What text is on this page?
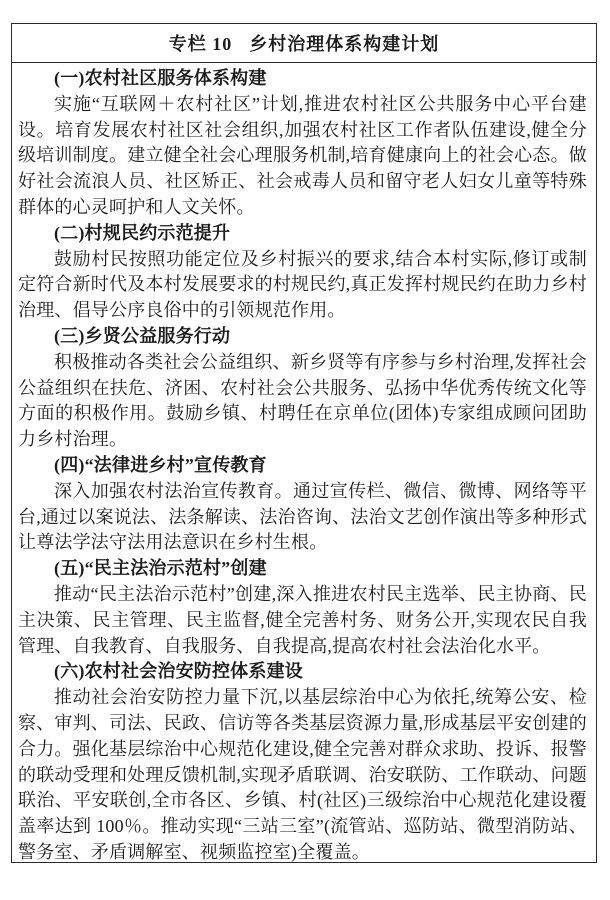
专栏 10 乡村治理体系构建计划
(一)农村社区服务体系构建

实施“互联网＋农村社区”计划,推进农村社区公共服务中心平台建设。培育发展农村社区社会组织,加强农村社区工作者队伍建设,健全分级培训制度。建立健全社会心理服务机制,培育健康向上的社会心态。做好社会流浪人员、社区矫正、社会戒毒人员和留守老人妇女儿童等特殊群体的心灵呵护和人文关怀。

(二)村规民约示范提升

鼓励村民按照功能定位及乡村振兴的要求,结合本村实际,修订或制定符合新时代及本村发展要求的村规民约,真正发挥村规民约在助力乡村治理、倡导公序良俗中的引领规范作用。

(三)乡贤公益服务行动

积极推动各类社会公益组织、新乡贤等有序参与乡村治理,发挥社会公益组织在扶危、济困、农村社会公共服务、弘扬中华优秀传统文化等方面的积极作用。鼓励乡镇、村聘任在京单位(团体)专家组成顾问团助力乡村治理。

(四)“法律进乡村”宣传教育

深入加强农村法治宣传教育。通过宣传栏、微信、微博、网络等平台,通过以案说法、法条解读、法治咨询、法治文艺创作演出等多种形式让尊法学法守法用法意识在乡村生根。

(五)“民主法治示范村”创建

推动“民主法治示范村”创建,深入推进农村民主选举、民主协商、民主决策、民主管理、民主监督,健全完善村务、财务公开,实现农民自我管理、自我教育、自我服务、自我提高,提高农村社会法治化水平。

(六)农村社会治安防控体系建设

推动社会治安防控力量下沉,以基层综治中心为依托,统筹公安、检察、审判、司法、民政、信访等各类基层资源力量,形成基层平安创建的合力。强化基层综治中心规范化建设,健全完善对群众求助、投诉、报警的联动受理和处理反馈机制,实现矛盾联调、治安联防、工作联动、问题联治、平安联创,全市各区、乡镇、村(社区)三级综治中心规范化建设覆盖率达到 100％。推动实现“三站三室”(流管站、巡防站、微型消防站、警务室、矛盾调解室、视频监控室)全覆盖。
